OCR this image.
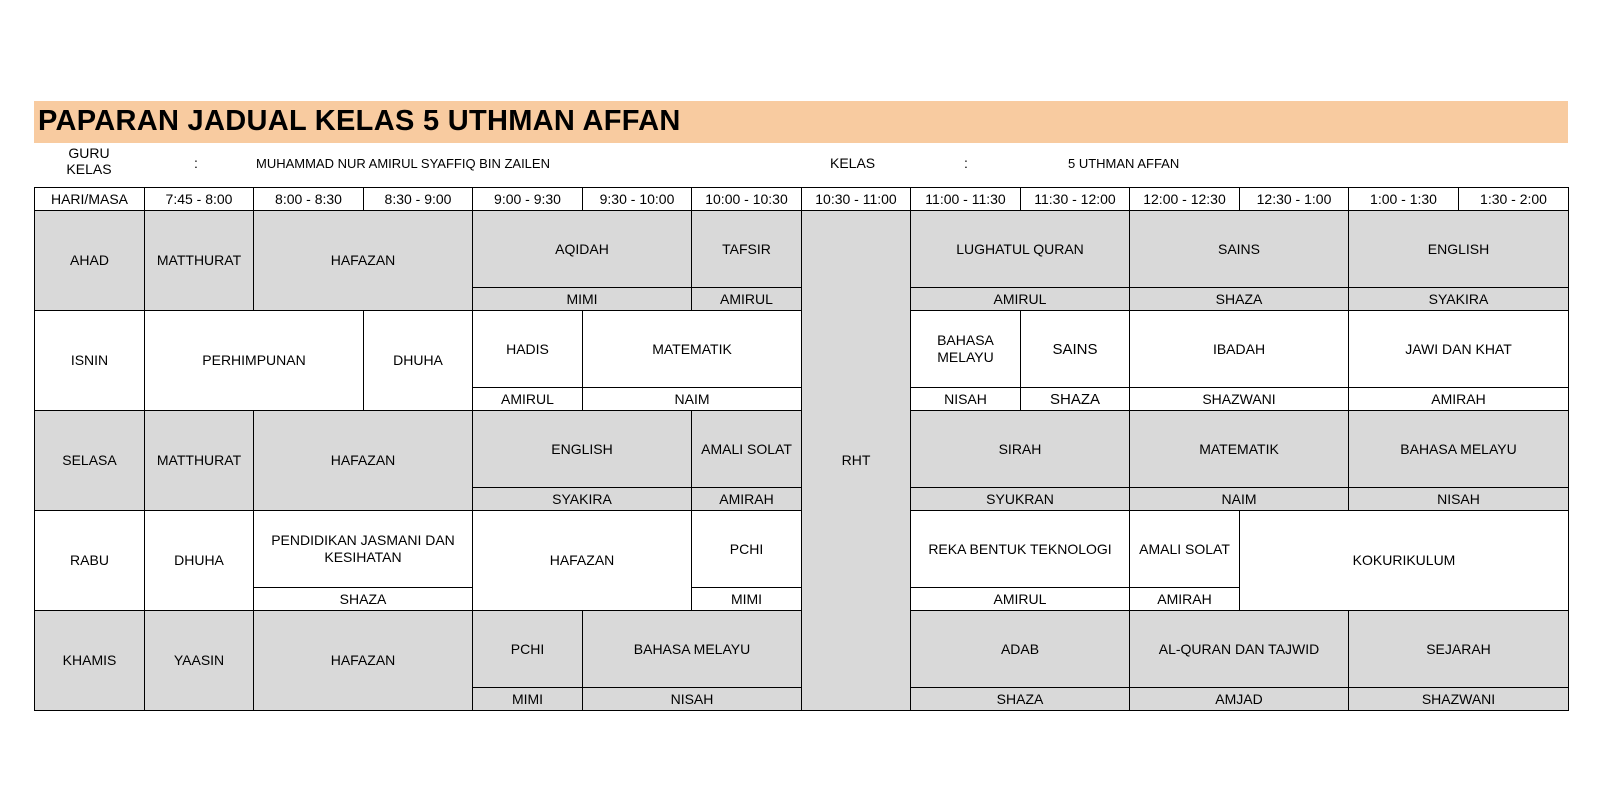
PAPARAN JADUAL KELAS 5 UTHMAN AFFAN
GURU
KELAS	:	MUHAMMAD NUR AMIRUL SYAFFIQ BIN ZAILEN	KELAS	:	5 UTHMAN AFFAN
HARI/MASA	7:45 - 8:00	8:00 - 8:30	8:30 - 9:00	9:00 - 9:30	9:30 - 10:00	10:00 - 10:30	10:30 - 11:00	11:00 - 11:30	11:30 - 12:00	12:00 - 12:30	12:30 - 1:00	1:00 - 1:30	1:30 - 2:00
AHAD	MATTHURAT	HAFAZAN		AQIDAH		TAFSIR	RHT	LUGHATUL QURAN		SAINS		ENGLISH	
				MIMI		AMIRUL		AMIRUL		SHAZA		SYAKIRA	
ISNIN	PERHIMPUNAN		DHUHA	HADIS	MATEMATIK			BAHASA MELAYU	SAINS	IBADAH		JAWI DAN KHAT	
				AMIRUL	NAIM			NISAH	SHAZA	SHAZWANI		AMIRAH	
SELASA	MATTHURAT	HAFAZAN		ENGLISH		AMALI SOLAT		SIRAH		MATEMATIK		BAHASA MELAYU	
				SYAKIRA		AMIRAH		SYUKRAN		NAIM		NISAH	
RABU	DHUHA	PENDIDIKAN JASMANI DAN KESIHATAN		HAFAZAN		PCHI		REKA BENTUK TEKNOLOGI		AMALI SOLAT	KOKURIKULUM		
		SHAZA				MIMI		AMIRUL		AMIRAH			
KHAMIS	YAASIN	HAFAZAN		PCHI	BAHASA MELAYU			ADAB		AL-QURAN DAN TAJWID		SEJARAH	
				MIMI	NISAH			SHAZA		AMJAD		SHAZWANI	
